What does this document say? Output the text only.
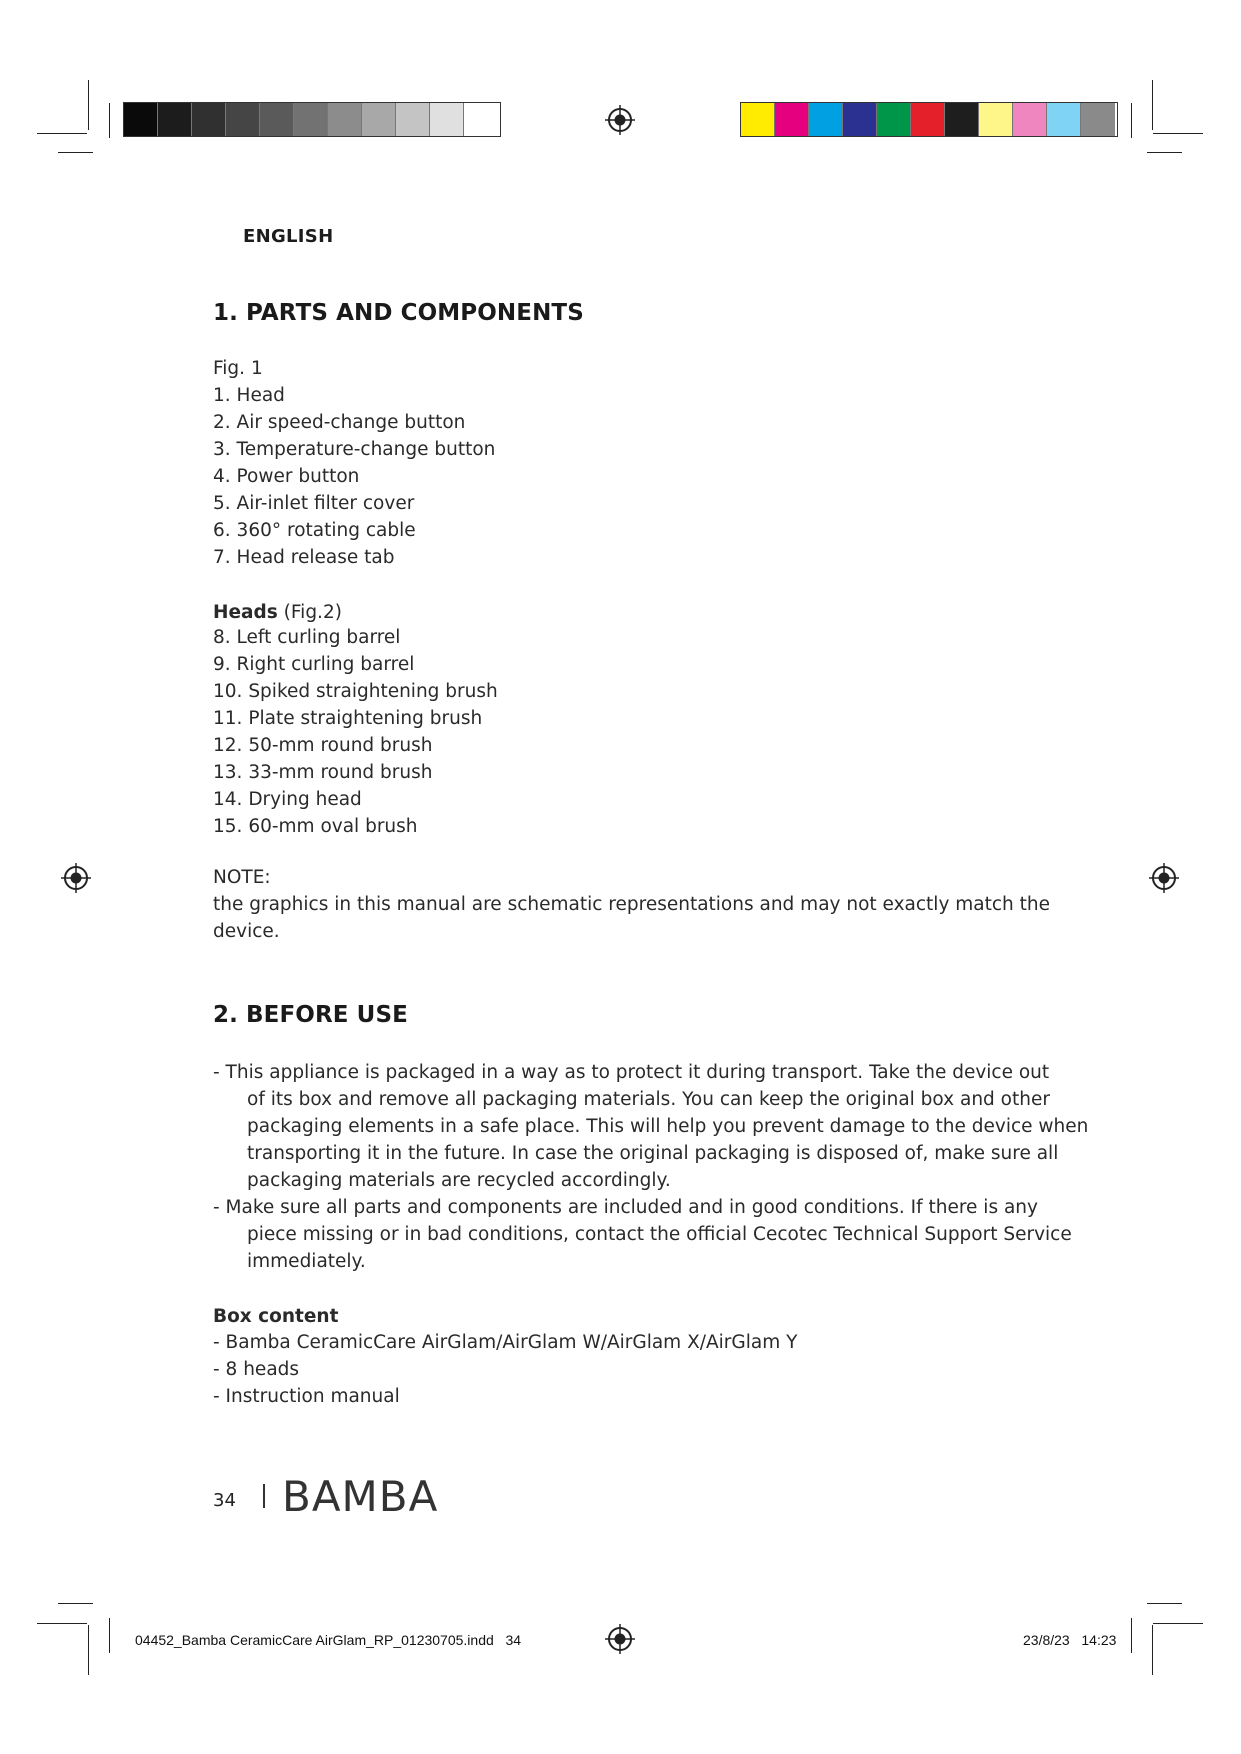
ENGLISH
1. PARTS AND COMPONENTS
Fig. 1
1. Head
2. Air speed-change button
3. Temperature-change button
4. Power button
5. Air-inlet filter cover
6. 360° rotating cable
7. Head release tab
Heads (Fig.2)
8. Left curling barrel
9. Right curling barrel
10. Spiked straightening brush
11. Plate straightening brush
12. 50-mm round brush
13. 33-mm round brush
14. Drying head
15. 60-mm oval brush
NOTE:
the graphics in this manual are schematic representations and may not exactly match the
device.
2. BEFORE USE
- This appliance is packaged in a way as to protect it during transport. Take the device out
of its box and remove all packaging materials. You can keep the original box and other
packaging elements in a safe place. This will help you prevent damage to the device when
transporting it in the future. In case the original packaging is disposed of, make sure all
packaging materials are recycled accordingly.
- Make sure all parts and components are included and in good conditions. If there is any
piece missing or in bad conditions, contact the official Cecotec Technical Support Service
immediately.
Box content
- Bamba CeramicCare AirGlam/AirGlam W/AirGlam X/AirGlam Y
- 8 heads
- Instruction manual
34 BAMBA
04452_Bamba CeramicCare AirGlam_RP_01230705.indd   34	23/8/23   14:23
